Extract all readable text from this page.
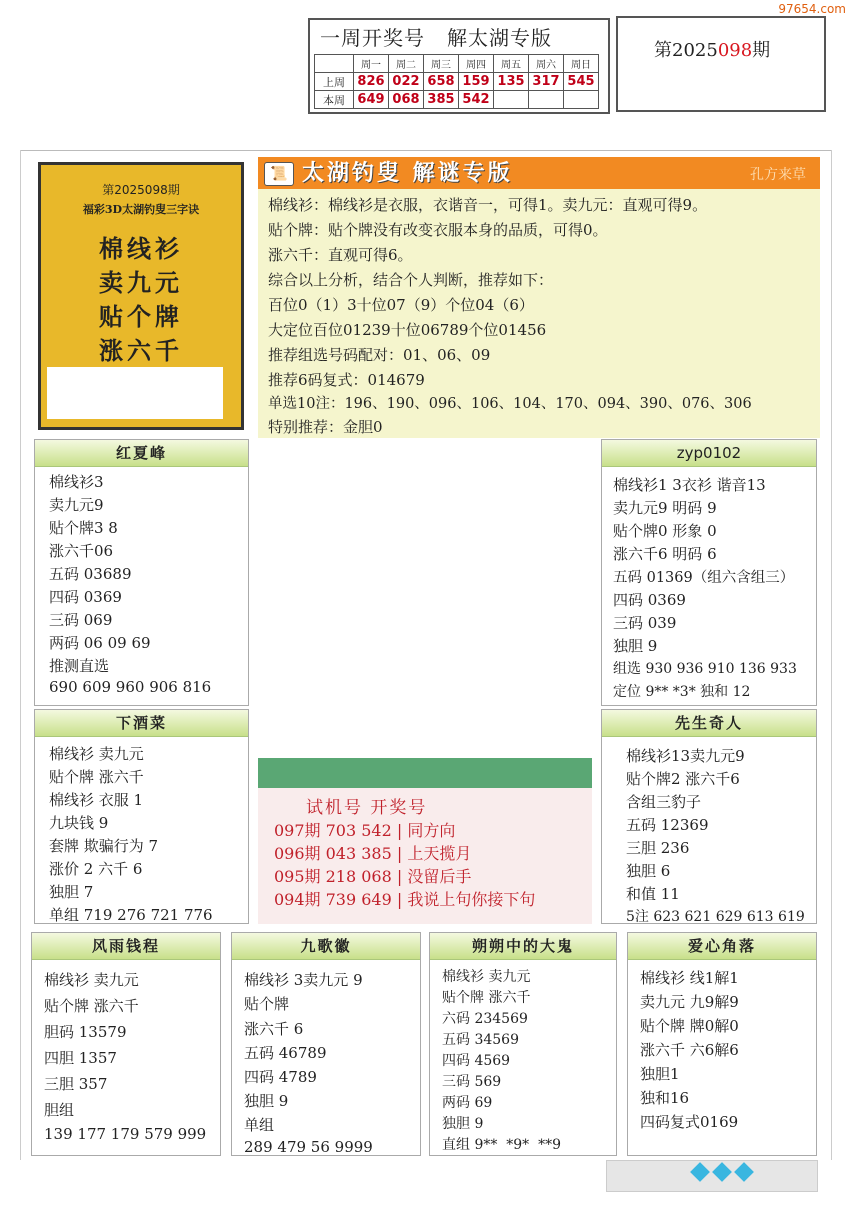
97654.com
一周开奖号 解太湖专版
	周一	周二	周三	周四	周五	周六	周日
上周	826	022	658	159	135	317	545
本周	649	068	385	542			
第2025098期
第2025098期
福彩3D太湖钓叟三字诀
棉线衫
卖九元
贴个牌
涨六千
📜 太湖钓叟 解谜专版	孔方来草
棉线衫：棉线衫是衣服，衣谐音一，可得1。卖九元：直观可得9。
贴个牌：贴个牌没有改变衣服本身的品质，可得0。
涨六千：直观可得6。
综合以上分析，结合个人判断，推荐如下：
百位0（1）3十位07（9）个位04（6）
大定位百位01239十位06789个位01456
推荐组选号码配对：01、06、09
推荐6码复式：014679
单选10注：196、190、096、106、104、170、094、390、076、306
特别推荐：金胆0
红夏峰
棉线衫3
卖九元9
贴个牌3 8
涨六千06
五码 03689
四码 0369
三码 069
两码 06 09 69
推测直选
690 609 960 906 816
zyp0102
棉线衫1 3衣衫 谐音13
卖九元9 明码 9
贴个牌0 形象 0
涨六千6 明码 6
五码 01369（组六含组三）
四码 0369
三码 039
独胆 9
组选 930 936 910 136 933
定位 9** *3* 独和 12
下酒菜
棉线衫 卖九元
贴个牌 涨六千
棉线衫 衣服 1
九块钱 9
套牌 欺骗行为 7
涨价 2 六千 6
独胆 7
单组 719 276 721 776
先生奇人
棉线衫13卖九元9
贴个牌2 涨六千6
含组三豹子
五码 12369
三胆 236
独胆 6
和值 11
5注 623 621 629 613 619
试机号 开奖号
097期 703 542 | 同方向
096期 043 385 | 上天揽月
095期 218 068 | 没留后手
094期 739 649 | 我说上句你接下句
风雨钱程
棉线衫 卖九元
贴个牌 涨六千
胆码 13579
四胆 1357
三胆 357
胆组
139 177 179 579 999
九歌徽
棉线衫 3卖九元 9
贴个牌
涨六千 6
五码 46789
四码 4789
独胆 9
单组
289 479 56 9999
朔朔中的大鬼
棉线衫 卖九元
贴个牌 涨六千
六码 234569
五码 34569
四码 4569
三码 569
两码 69
独胆 9
直组 9**  *9*  **9
爱心角落
棉线衫 线1解1
卖九元 九9解9
贴个牌 牌0解0
涨六千 六6解6
独胆1
独和16
四码复式0169
